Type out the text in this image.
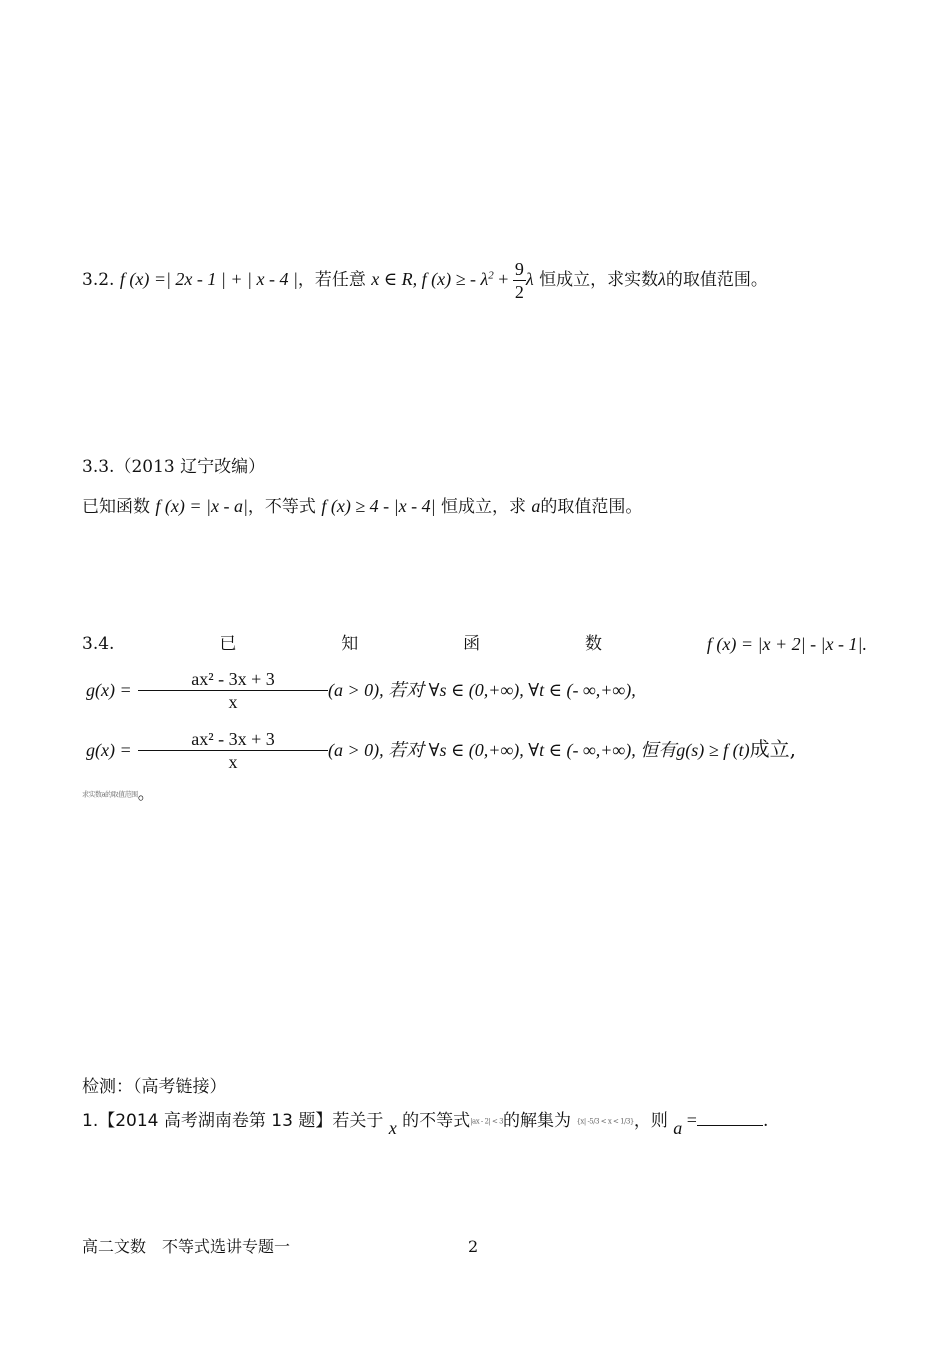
3.2. f (x) =| 2x - 1 | + | x - 4 |，若任意 x ∈ R, f (x) ≥ - $\lambda^2 + \frac{9}{2}$ λ 恒成立，求实数λ的取值范围。
3.3.（2013 辽宁改编）
已知函数 f (x) = |x - a|，不等式 f (x) ≥ 4 - |x - 4| 恒成立，求 a的取值范围。
3.4.	已	知	函	数	f (x) = |x + 2| - |x - 1|.
$g(x) = \frac{\text{ax² - 3x + 3}}{x} (a > 0)$, 若对 ∀s ∈ (0,+∞), ∀t ∈ (- ∞,+∞),
$g(x) = \frac{\text{ax² - 3x + 3}}{x} (a > 0)$, 若对 ∀s ∈ (0,+∞), ∀t ∈ (- ∞,+∞), 恒有g(s) ≥ f (t)成立,
求实数a的取值范围。
检测：（高考链接）
1.【2014 高考湖南卷第 13 题】若关于 x 的不等式|ax - 2| < 3的解集为 {x| -5/3 < x < 1/3}，则 a =	.
高二文数　不等式选讲专题一	2
